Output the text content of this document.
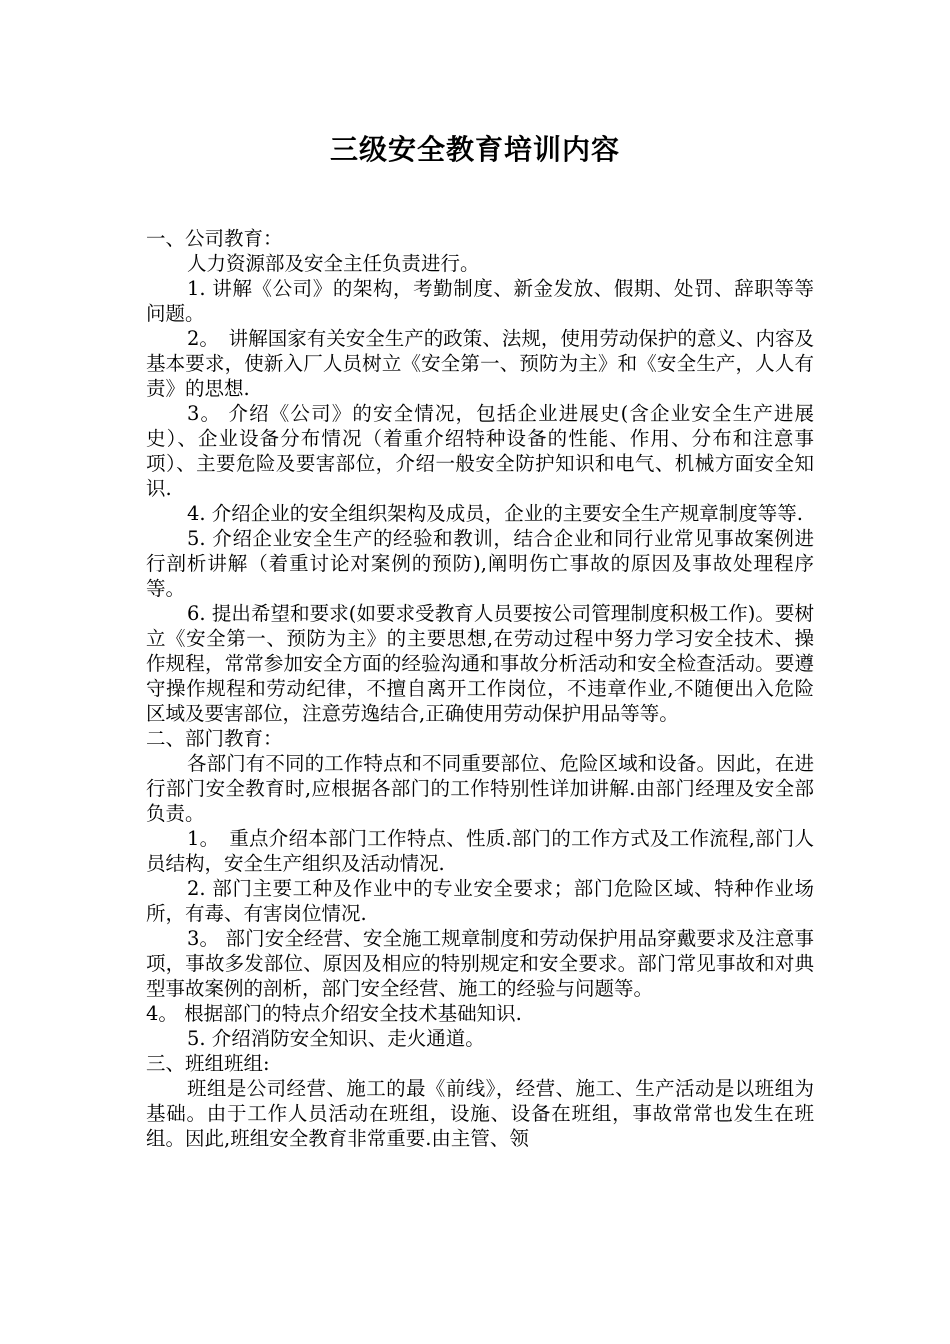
三级安全教育培训内容

一、公司教育：

人力资源部及安全主任负责进行。

1. 讲解《公司》的架构，考勤制度、新金发放、假期、处罚、辞职等等问题。

2。　讲解国家有关安全生产的政策、法规，使用劳动保护的意义、内容及基本要求，使新入厂人员树立《安全第一、预防为主》和《安全生产，人人有责》的思想.

3。 介绍《公司》的安全情况，包括企业进展史(含企业安全生产进展史）、企业设备分布情况（着重介绍特种设备的性能、作用、分布和注意事项）、主要危险及要害部位，介绍一般安全防护知识和电气、机械方面安全知识.

4. 介绍企业的安全组织架构及成员，企业的主要安全生产规章制度等等.

5. 介绍企业安全生产的经验和教训，结合企业和同行业常见事故案例进行剖析讲解（着重讨论对案例的预防),阐明伤亡事故的原因及事故处理程序等。

6. 提出希望和要求(如要求受教育人员要按公司管理制度积极工作)。要树立《安全第一、预防为主》的主要思想,在劳动过程中努力学习安全技术、操作规程，常常参加安全方面的经验沟通和事故分析活动和安全检查活动。要遵守操作规程和劳动纪律，不擅自离开工作岗位，不违章作业,不随便出入危险区域及要害部位，注意劳逸结合,正确使用劳动保护用品等等。

二、部门教育：

各部门有不同的工作特点和不同重要部位、危险区域和设备。因此，在进行部门安全教育时,应根据各部门的工作特别性详加讲解.由部门经理及安全部负责。

1。　重点介绍本部门工作特点、性质.部门的工作方式及工作流程,部门人员结构，安全生产组织及活动情况.

2. 部门主要工种及作业中的专业安全要求；部门危险区域、特种作业场所，有毒、有害岗位情况.

3。 部门安全经营、安全施工规章制度和劳动保护用品穿戴要求及注意事项，事故多发部位、原因及相应的特别规定和安全要求。部门常见事故和对典型事故案例的剖析，部门安全经营、施工的经验与问题等。

4。 根据部门的特点介绍安全技术基础知识.

5. 介绍消防安全知识、走火通道。

三、班组班组:

班组是公司经营、施工的最《前线》，经营、施工、生产活动是以班组为基础。由于工作人员活动在班组，设施、设备在班组，事故常常也发生在班组。因此,班组安全教育非常重要.由主管、领
